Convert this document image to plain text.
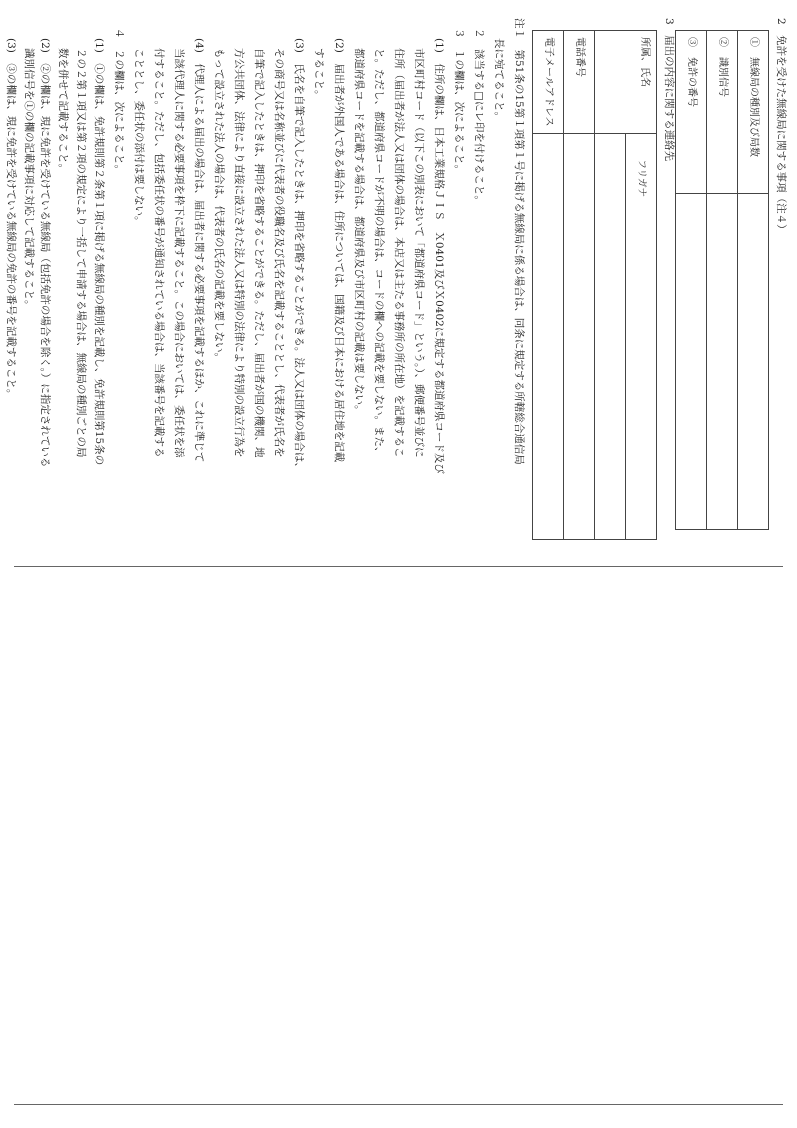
2　免許を受けた無線局に関する事項（注４）
①　無線局の種別及び局数	
②　識別信号	
③　免許の番号	
3　届出の内容に関する連絡先
所属、氏名	フリガナ

電話番号	
電子メールアドレス	
注１　第51条の15第１項第１号に掲げる無線局に係る場合は、同条に規定する所轄総合通信局
長に宛てること。
２　該当する□にレ印を付けること。
３　１の欄は、次によること。
(1)　住所の欄は、日本工業規格ＪＩＳ　Ｘ0401及びＸ0402に規定する都道府県コード及び
市区町村コード（以下この別表において「都道府県コード」という。）、郵便番号並びに
住所（届出者が法人又は団体の場合は、本店又は主たる事務所の所在地）を記載するこ
と。ただし、都道府県コードが不明の場合は、コードの欄への記載を要しない。また、
都道府県コードを記載する場合は、都道府県及び市区町村の記載は要しない。
(2)　届出者が外国人である場合は、住所については、国籍及び日本における居住地を記載
すること。
(3)　氏名を自筆で記入したときは、押印を省略することができる。法人又は団体の場合は、
その商号又は名称並びに代表者の役職名及び氏名を記載することとし、代表者が氏名を
自筆で記入したときは、押印を省略することができる。ただし、届出者が国の機関、地
方公共団体、法律により直接に設立された法人又は特別の法律により特別の設立行為を
もって設立された法人の場合は、代表者の氏名の記載を要しない。
(4)　代理人による届出の場合は、届出者に関する必要事項を記載するほか、これに準じて
当該代理人に関する必要事項を枠下に記載すること。この場合においては、委任状を添
付すること。ただし、包括委任状の番号が通知されている場合は、当該番号を記載する
こととし、委任状の添付は要しない。
４　２の欄は、次によること。
(1)　①の欄は、免許規則第２条第１項に掲げる無線局の種別を記載し、免許規則第15条の
２の２第１項又は第２項の規定により一括して申請する場合は、無線局の種別ごとの局
数を併せて記載すること。
(2)　②の欄は、現に免許を受けている無線局（包括免許の場合を除く。）に指定されている
識別信号を①の欄の記載事項に対応して記載すること。
(3)　③の欄は、現に免許を受けている無線局の免許の番号を記載すること。
